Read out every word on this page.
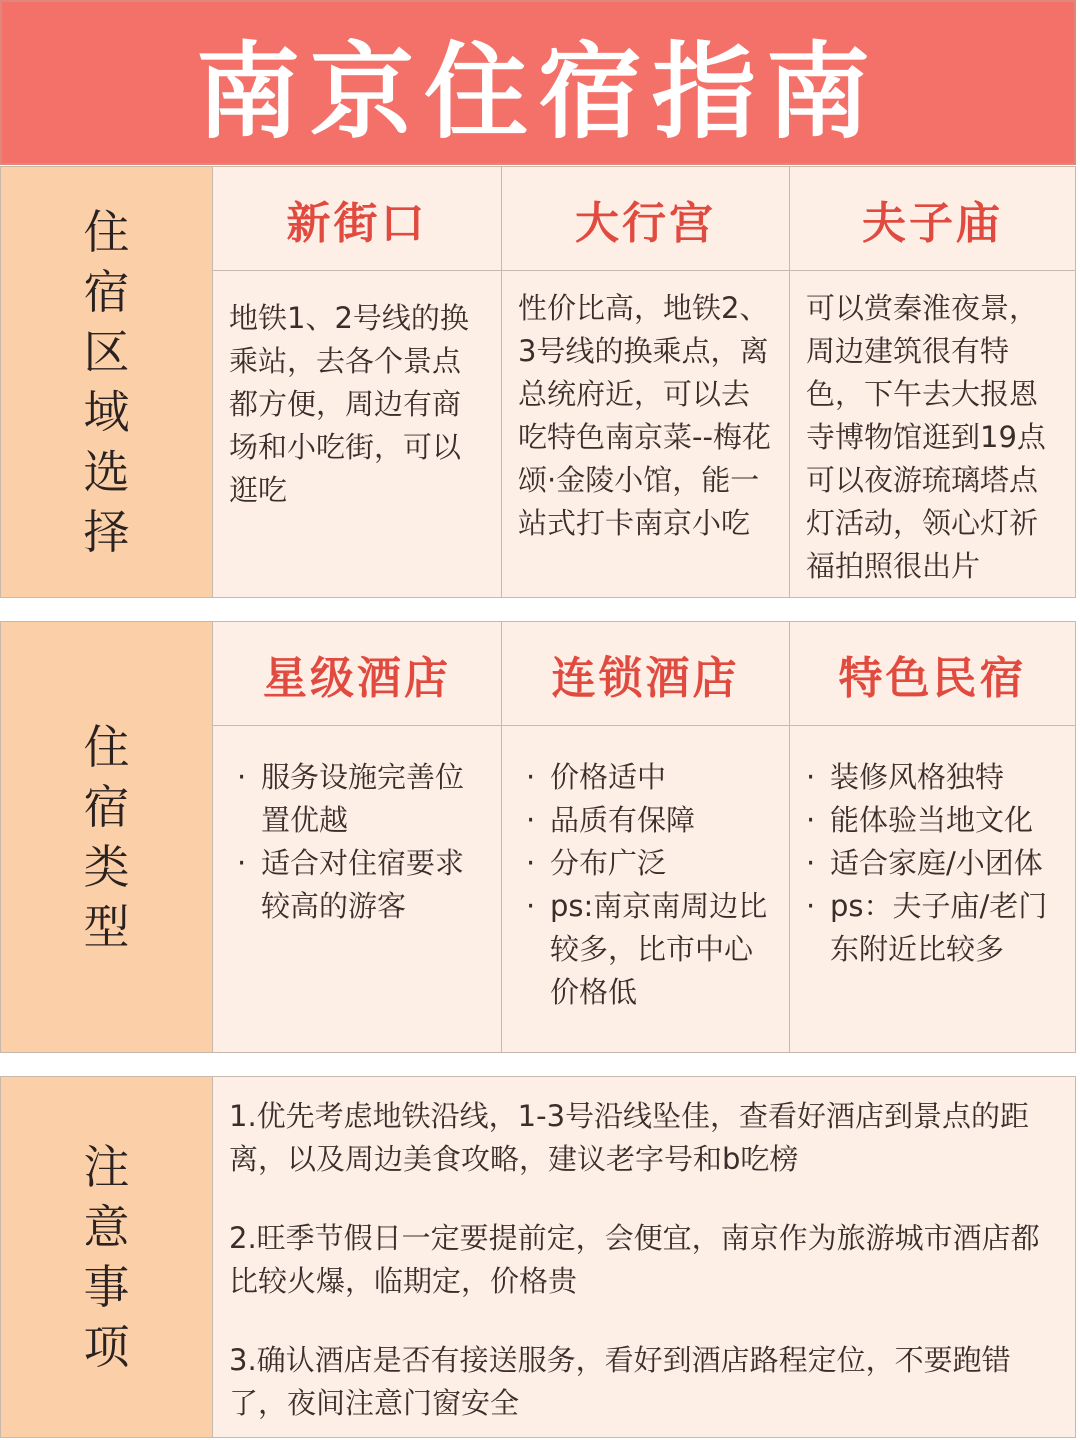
南京住宿指南
住宿区域选择
新街口
地铁1、2号线的换乘站，去各个景点都方便，周边有商场和小吃街，可以逛吃
大行宫
性价比高，地铁2、3号线的换乘点，离总统府近，可以去吃特色南京菜--梅花颂·金陵小馆，能一站式打卡南京小吃
夫子庙
可以赏秦淮夜景，周边建筑很有特色，下午去大报恩寺博物馆逛到19点可以夜游琉璃塔点灯活动，领心灯祈福拍照很出片
住宿类型
星级酒店
· 服务设施完善位置优越
· 适合对住宿要求较高的游客
连锁酒店
· 价格适中
· 品质有保障
· 分布广泛
· ps:南京南周边比较多，比市中心价格低
特色民宿
· 装修风格独特
· 能体验当地文化
· 适合家庭/小团体
· ps：夫子庙/老门东附近比较多
注意事项

1.优先考虑地铁沿线，1-3号沿线坠佳，查看好酒店到景点的距离，以及周边美食攻略，建议老字号和b吃榜

2.旺季节假日一定要提前定，会便宜，南京作为旅游城市酒店都比较火爆，临期定，价格贵

3.确认酒店是否有接送服务，看好到酒店路程定位，不要跑错了，夜间注意门窗安全
